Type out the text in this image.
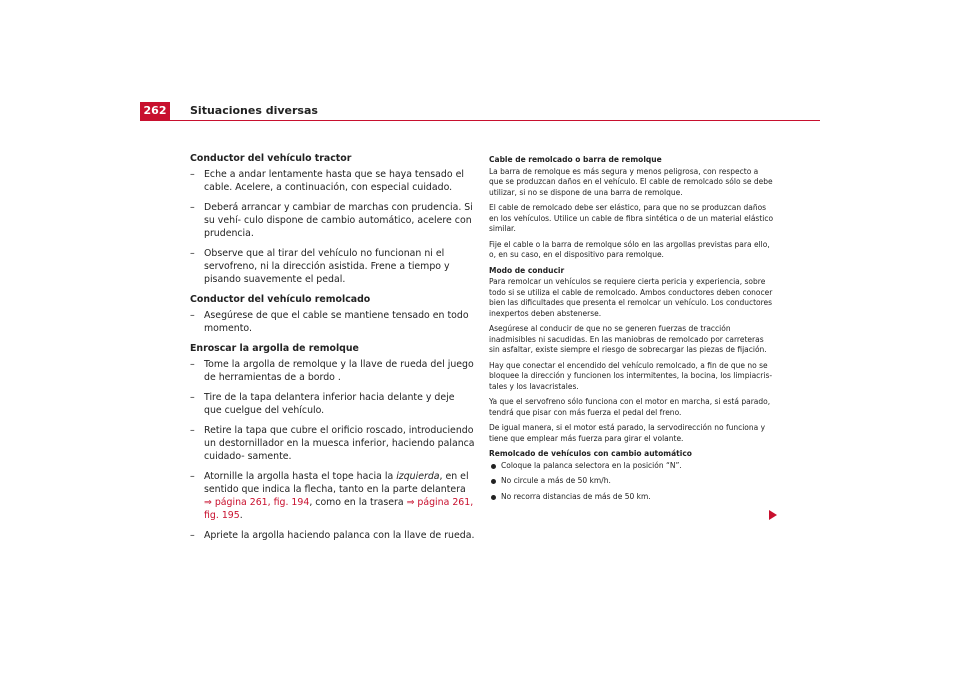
262	Situaciones diversas
Conductor del vehículo tractor
– Eche a andar lentamente hasta que se haya tensado el cable. Acelere, a continuación, con especial cuidado.
– Deberá arrancar y cambiar de marchas con prudencia. Si su vehí- culo dispone de cambio automático, acelere con prudencia.
– Observe que al tirar del vehículo no funcionan ni el servofreno, ni la dirección asistida. Frene a tiempo y pisando suavemente el pedal.
Conductor del vehículo remolcado
– Asegúrese de que el cable se mantiene tensado en todo momento.
Enroscar la argolla de remolque
– Tome la argolla de remolque y la llave de rueda del juego de herramientas de a bordo .
– Tire de la tapa delantera inferior hacia delante y deje que cuelgue del vehículo.
– Retire la tapa que cubre el orificio roscado, introduciendo un destornillador en la muesca inferior, haciendo palanca cuidado- samente.
– Atornille la argolla hasta el tope hacia la izquierda, en el sentido que indica la flecha, tanto en la parte delantera ⇒ página 261, fig. 194, como en la trasera ⇒ página 261, fig. 195.
– Apriete la argolla haciendo palanca con la llave de rueda.
Cable de remolcado o barra de remolque
La barra de remolque es más segura y menos peligrosa, con respecto a que se produzcan daños en el vehículo. El cable de remolcado sólo se debe utilizar, si no se dispone de una barra de remolque.
El cable de remolcado debe ser elástico, para que no se produzcan daños en los vehículos. Utilice un cable de fibra sintética o de un material elástico similar.
Fije el cable o la barra de remolque sólo en las argollas previstas para ello, o, en su caso, en el dispositivo para remolque.
Modo de conducir
Para remolcar un vehículos se requiere cierta pericia y experiencia, sobre todo si se utiliza el cable de remolcado. Ambos conductores deben conocer bien las dificultades que presenta el remolcar un vehículo. Los conductores inexpertos deben abstenerse.
Asegúrese al conducir de que no se generen fuerzas de tracción inadmisibles ni sacudidas. En las maniobras de remolcado por carreteras sin asfaltar, existe siempre el riesgo de sobrecargar las piezas de fijación.
Hay que conectar el encendido del vehículo remolcado, a fin de que no se bloquee la dirección y funcionen los intermitentes, la bocina, los limpiacris- tales y los lavacristales.
Ya que el servofreno sólo funciona con el motor en marcha, si está parado, tendrá que pisar con más fuerza el pedal del freno.
De igual manera, si el motor está parado, la servodirección no funciona y tiene que emplear más fuerza para girar el volante.
Remolcado de vehículos con cambio automático
Coloque la palanca selectora en la posición “N”.
No circule a más de 50 km/h.
No recorra distancias de más de 50 km.
